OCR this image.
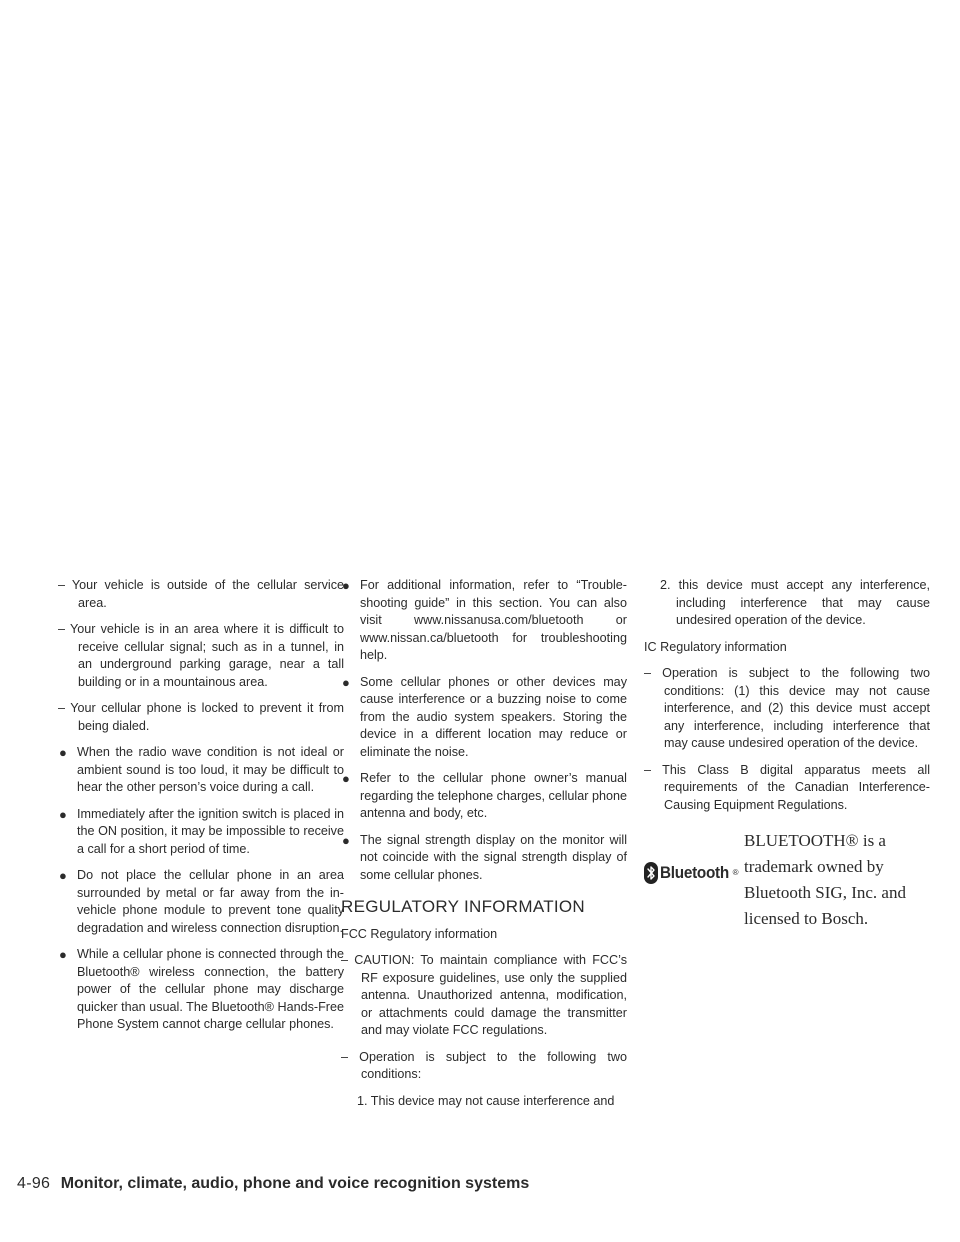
– Your vehicle is outside of the cellular service area.

– Your vehicle is in an area where it is difficult to receive cellular signal; such as in a tunnel, in an underground parking garage, near a tall building or in a mountainous area.

– Your cellular phone is locked to prevent it from being dialed.

● When the radio wave condition is not ideal or ambient sound is too loud, it may be difficult to hear the other person’s voice during a call.
● Immediately after the ignition switch is placed in the ON position, it may be impossible to receive a call for a short period of time.
● Do not place the cellular phone in an area surrounded by metal or far away from the in-vehicle phone module to prevent tone quality degradation and wireless connection disruption.
● While a cellular phone is connected through the Bluetooth® wireless connection, the battery power of the cellular phone may discharge quicker than usual. The Bluetooth® Hands-Free Phone System cannot charge cellular phones.
● For additional information, refer to “Trouble-shooting guide” in this section. You can also visit www.nissanusa.com/bluetooth or www.nissan.ca/bluetooth for troubleshooting help.
● Some cellular phones or other devices may cause interference or a buzzing noise to come from the audio system speakers. Storing the device in a different location may reduce or eliminate the noise.
● Refer to the cellular phone owner’s manual regarding the telephone charges, cellular phone antenna and body, etc.
● The signal strength display on the monitor will not coincide with the signal strength display of some cellular phones.
REGULATORY INFORMATION

FCC Regulatory information

– CAUTION: To maintain compliance with FCC’s RF exposure guidelines, use only the supplied antenna. Unauthorized antenna, modification, or attachments could damage the transmitter and may violate FCC regulations.

– Operation is subject to the following two conditions:

1. This device may not cause interference and

2. this device must accept any interference, including interference that may cause undesired operation of the device.

IC Regulatory information

– Operation is subject to the following two conditions: (1) this device may not cause interference, and (2) this device must accept any interference, including interference that may cause undesired operation of the device.

– This Class B digital apparatus meets all requirements of the Canadian Interference-Causing Equipment Regulations.

Bluetooth ®
BLUETOOTH® is a trademark owned by Bluetooth SIG, Inc. and licensed to Bosch.
4-96 Monitor, climate, audio, phone and voice recognition systems
